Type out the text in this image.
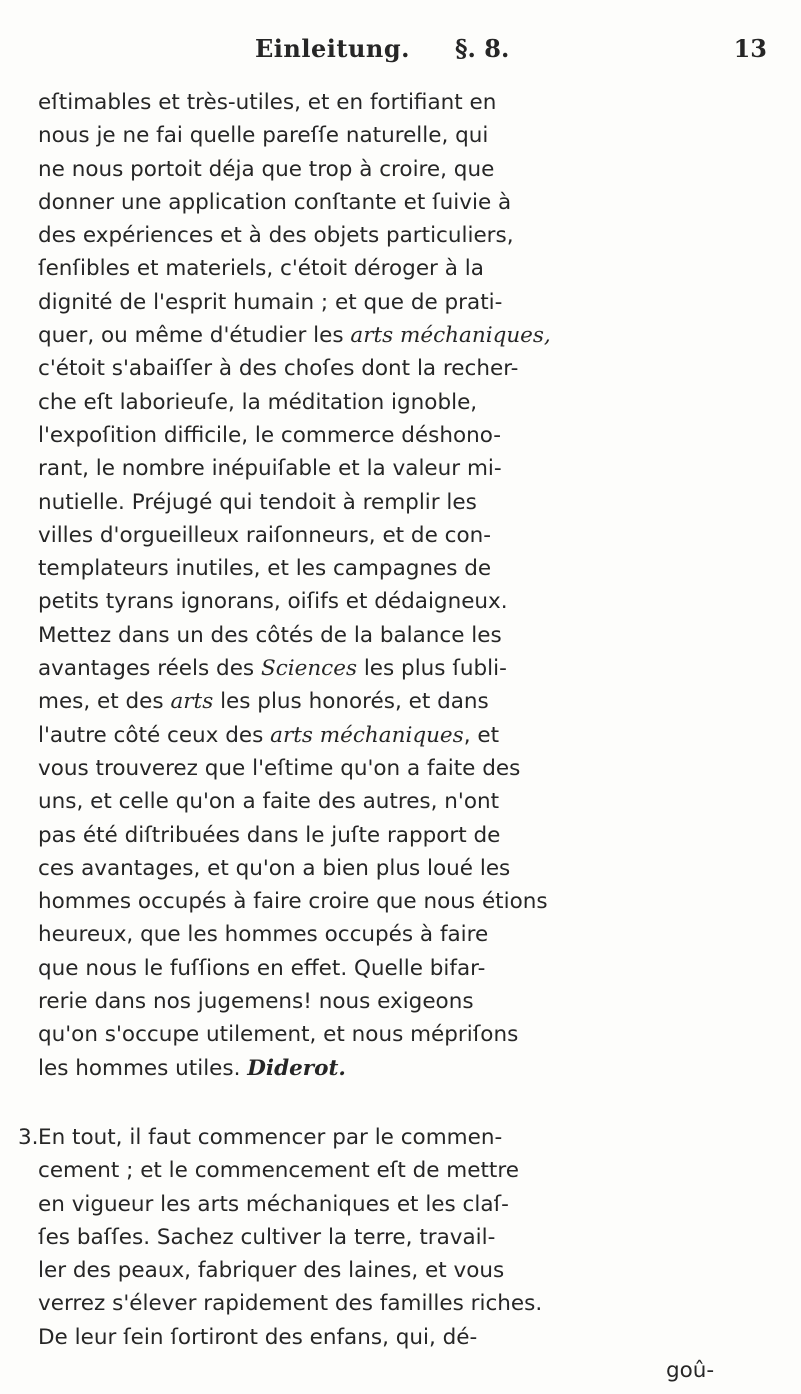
Einleitung. §. 8.	13
eſtimables et très-utiles, et en fortifiant en
nous je ne fai quelle pareſſe naturelle, qui
ne nous portoit déja que trop à croire, que
donner une application conſtante et ſuivie à
des expériences et à des objets particuliers,
ſenſibles et materiels, c'étoit déroger à la
dignité de l'esprit humain ; et que de prati-
quer, ou même d'étudier les arts méchaniques,
c'étoit s'abaiſſer à des choſes dont la recher-
che eſt laborieuſe, la méditation ignoble,
l'expoſition difficile, le commerce déshono-
rant, le nombre inépuiſable et la valeur mi-
nutielle. Préjugé qui tendoit à remplir les
villes d'orgueilleux raiſonneurs, et de con-
templateurs inutiles, et les campagnes de
petits tyrans ignorans, oiſifs et dédaigneux.
Mettez dans un des côtés de la balance les
avantages réels des Sciences les plus ſubli-
mes, et des arts les plus honorés, et dans
l'autre côté ceux des arts méchaniques, et
vous trouverez que l'eſtime qu'on a faite des
uns, et celle qu'on a faite des autres, n'ont
pas été diſtribuées dans le juſte rapport de
ces avantages, et qu'on a bien plus loué les
hommes occupés à faire croire que nous étions
heureux, que les hommes occupés à faire
que nous le fuſſions en effet. Quelle bifar-
rerie dans nos jugemens! nous exigeons
qu'on s'occupe utilement, et nous mépriſons
les hommes utiles. Diderot.
3.En tout, il faut commencer par le commen-
cement ; et le commencement eſt de mettre
en vigueur les arts méchaniques et les claſ-
ſes baſſes. Sachez cultiver la terre, travail-
ler des peaux, fabriquer des laines, et vous
verrez s'élever rapidement des familles riches.
De leur ſein ſortiront des enfans, qui, dé-
goû-
